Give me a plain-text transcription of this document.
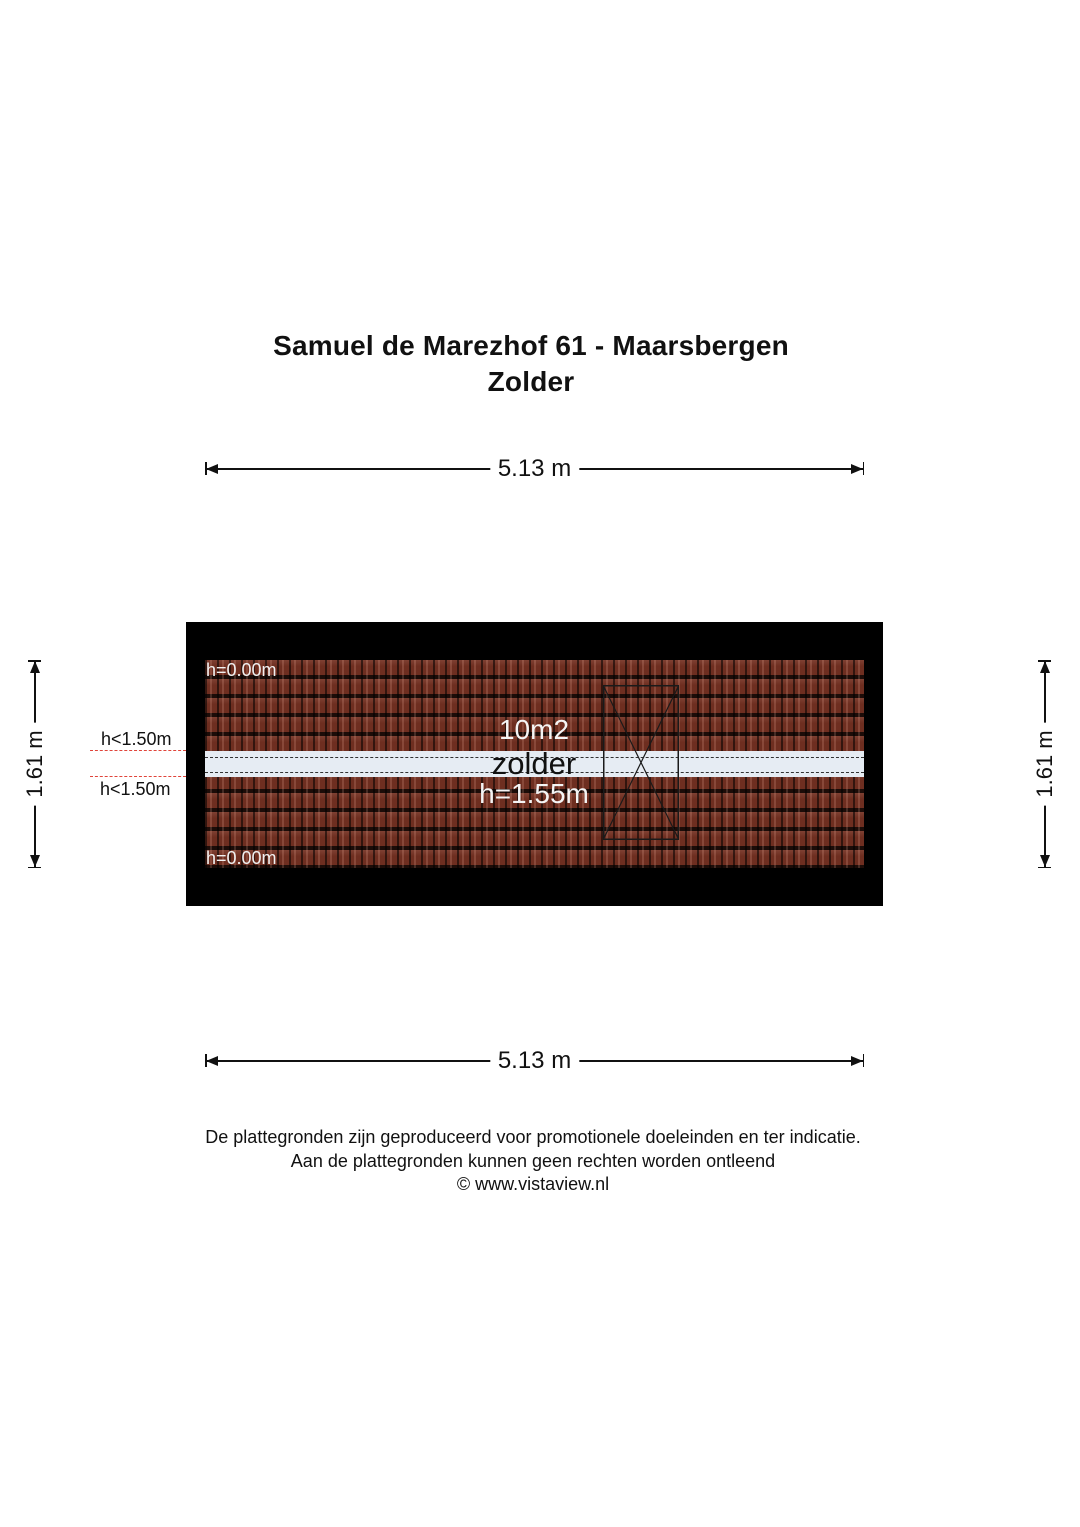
Samuel de Marezhof 61 - Maarsbergen
Zolder
5.13 m
1.61 m	1.61 m
10m2
zolder
h=1.55m
h=0.00m
h=0.00m
h<1.50m
h<1.50m
5.13 m
De plattegronden zijn geproduceerd voor promotionele doeleinden en ter indicatie.
Aan de plattegronden kunnen geen rechten worden ontleend
© www.vistaview.nl
